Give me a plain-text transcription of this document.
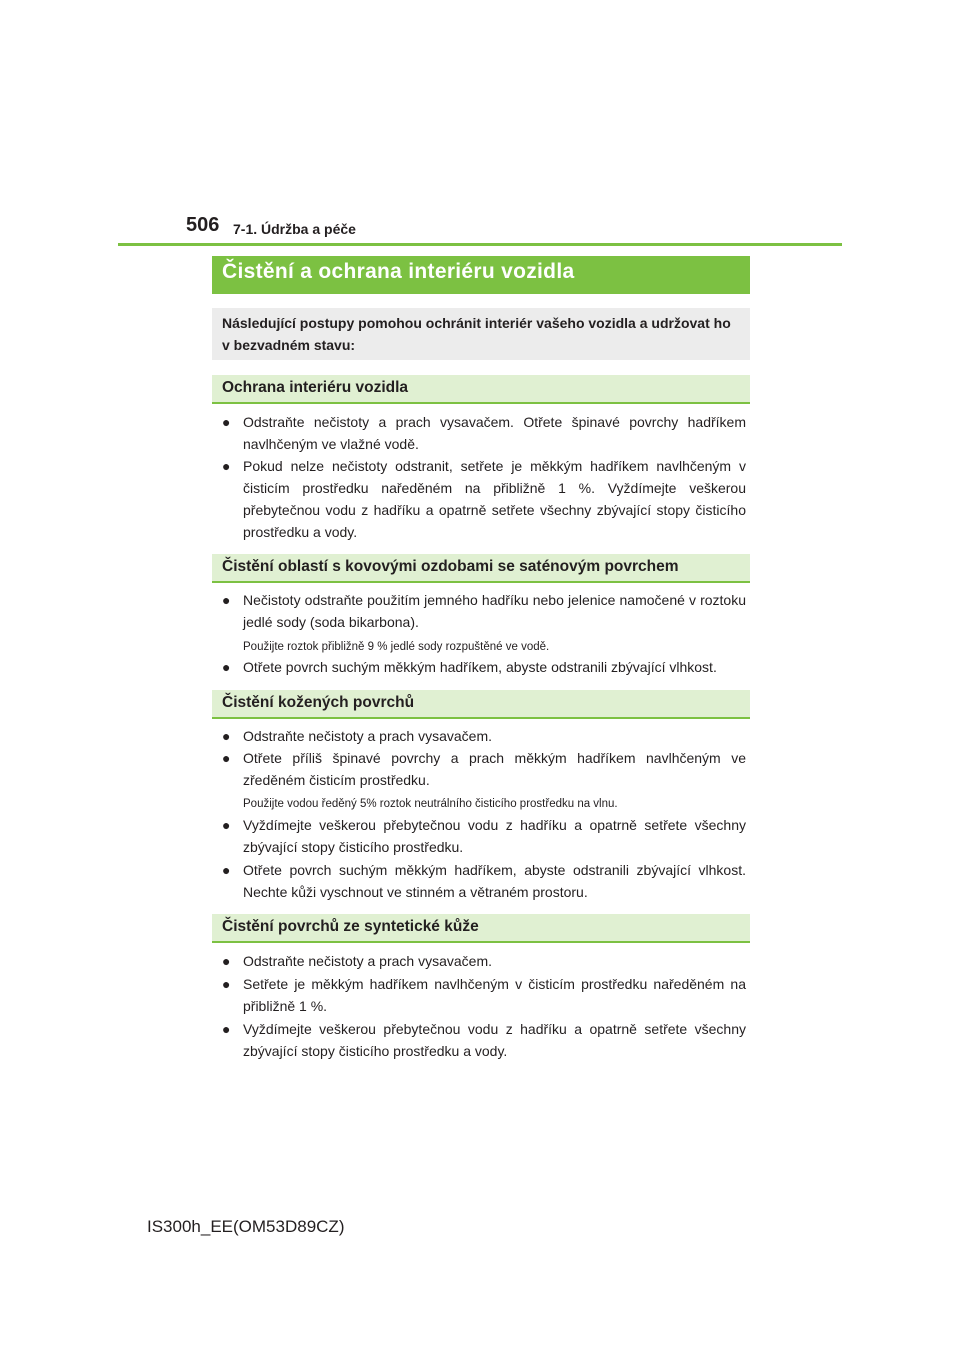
506 7-1. Údržba a péče
Čistění a ochrana interiéru vozidla
Následující postupy pomohou ochránit interiér vašeho vozidla a udržovat ho v bezvadném stavu:
Ochrana interiéru vozidla
● Odstraňte nečistoty a prach vysavačem. Otřete špinavé povrchy hadříkem navlhčeným ve vlažné vodě.
● Pokud nelze nečistoty odstranit, setřete je měkkým hadříkem navlhčeným v čisticím prostředku naředěném na přibližně 1 %. Vyždímejte veškerou přebytečnou vodu z hadříku a opatrně setřete všechny zbývající stopy čisticího prostředku a vody.
Čistění oblastí s kovovými ozdobami se saténovým povrchem
● Nečistoty odstraňte použitím jemného hadříku nebo jelenice namočené v roztoku jedlé sody (soda bikarbona).
Použijte roztok přibližně 9 % jedlé sody rozpuštěné ve vodě.
● Otřete povrch suchým měkkým hadříkem, abyste odstranili zbývající vlhkost.
Čistění kožených povrchů
● Odstraňte nečistoty a prach vysavačem.
● Otřete příliš špinavé povrchy a prach měkkým hadříkem navlhčeným ve zředěném čisticím prostředku.
Použijte vodou ředěný 5% roztok neutrálního čisticího prostředku na vlnu.
● Vyždímejte veškerou přebytečnou vodu z hadříku a opatrně setřete všechny zbývající stopy čisticího prostředku.
● Otřete povrch suchým měkkým hadříkem, abyste odstranili zbývající vlhkost. Nechte kůži vyschnout ve stinném a větraném prostoru.
Čistění povrchů ze syntetické kůže
● Odstraňte nečistoty a prach vysavačem.
● Setřete je měkkým hadříkem navlhčeným v čisticím prostředku naředěném na přibližně 1 %.
● Vyždímejte veškerou přebytečnou vodu z hadříku a opatrně setřete všechny zbývající stopy čisticího prostředku a vody.
IS300h_EE(OM53D89CZ)
